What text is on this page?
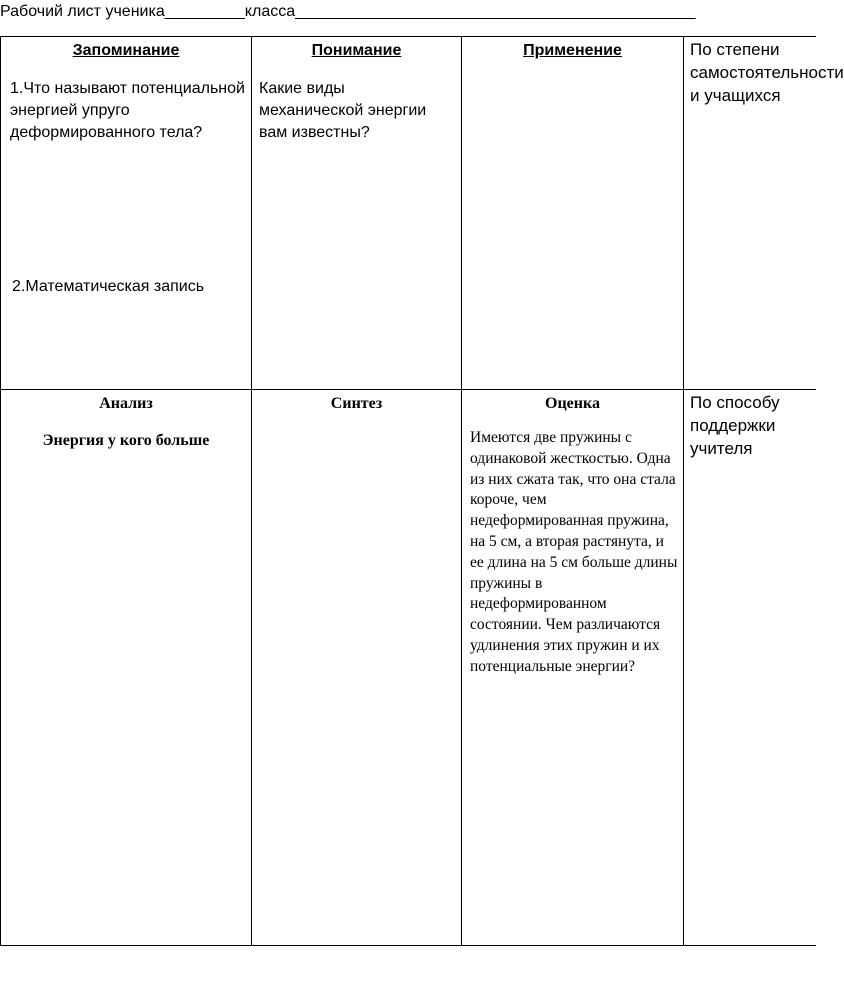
Рабочий лист ученика_________класса_____________________________________________
Запоминание
1.Что называют потенциальной энергией упруго деформированного тела?
2.Математическая запись
Понимание
Какие виды механической энергии вам известны?
Применение	По степени
самостоятельности
и учащихся
Анализ
Энергия у кого больше
Синтез	Оценка
Имеются две пружины с одинаковой жесткостью. Одна из них сжата так, что она стала короче, чем недеформированная пружина, на 5 см, а вторая растянута, и ее длина на 5 см больше длины пружины в недеформированном состоянии. Чем различаются удлинения этих пружин и их потенциальные энергии?
По способу
поддержки
учителя
